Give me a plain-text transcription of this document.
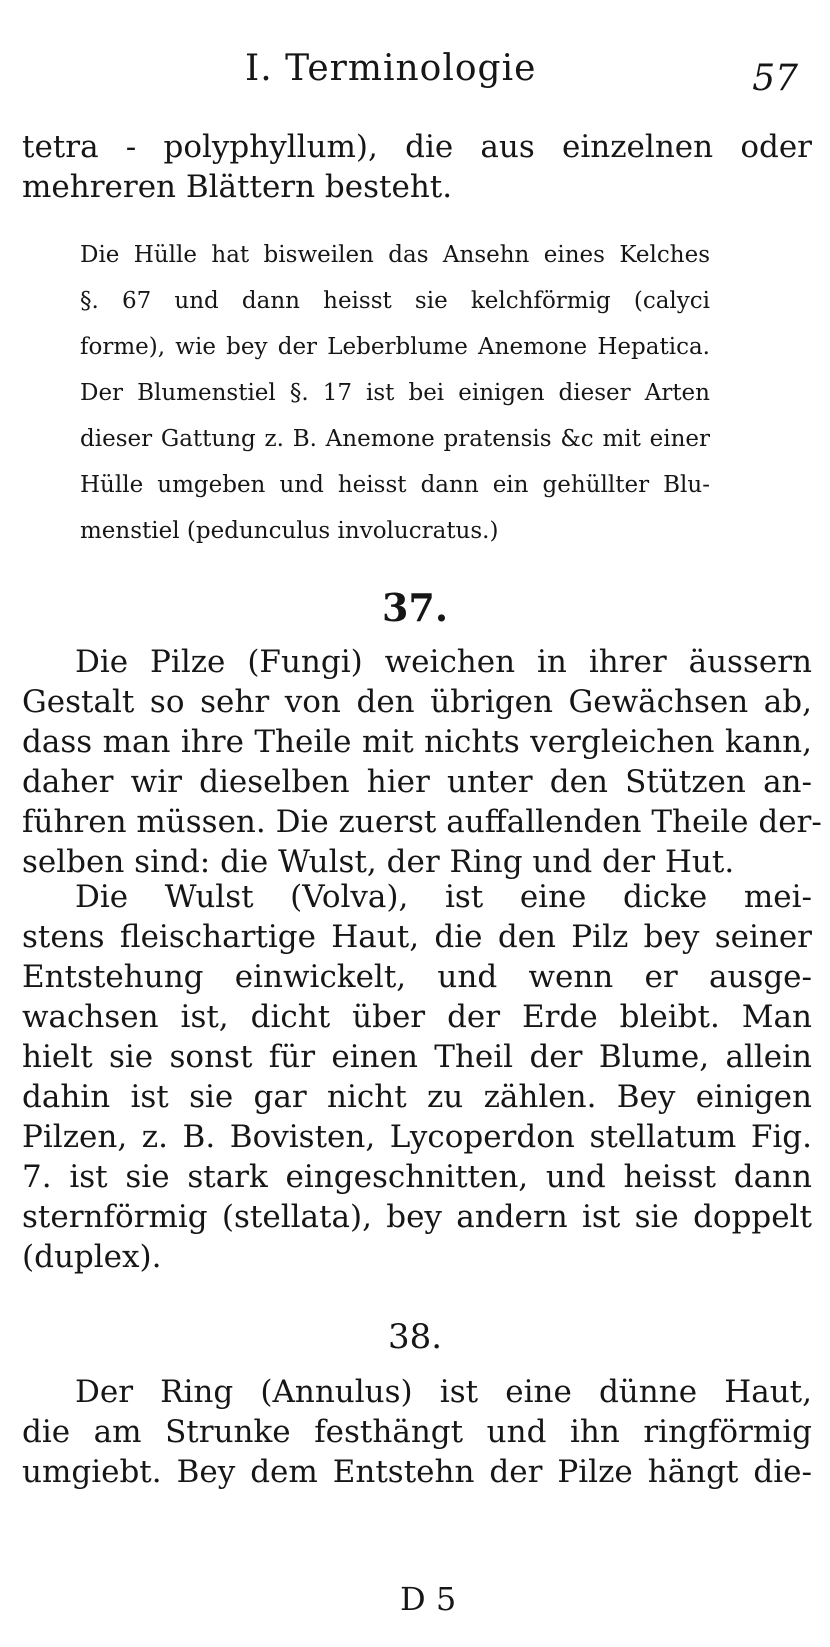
I. Terminologie	57
tetra - polyphyllum), die aus einzelnen oder
mehreren Blättern besteht.
Die Hülle hat bisweilen das Ansehn eines Kelches
§. 67 und dann heisst sie kelchförmig (calyci
forme), wie bey der Leberblume Anemone Hepatica.
Der Blumenstiel §. 17 ist bei einigen dieser Arten
dieser Gattung z. B. Anemone pratensis &c mit einer
Hülle umgeben und heisst dann ein gehüllter Blu-
menstiel (pedunculus involucratus.)
37.
Die Pilze (Fungi) weichen in ihrer äussern
Gestalt so sehr von den übrigen Gewächsen ab,
dass man ihre Theile mit nichts vergleichen kann,
daher wir dieselben hier unter den Stützen an-
führen müssen. Die zuerst auffallenden Theile der-
selben sind: die Wulst, der Ring und der Hut.
Die Wulst (Volva), ist eine dicke mei-
stens fleischartige Haut, die den Pilz bey seiner
Entstehung einwickelt, und wenn er ausge-
wachsen ist, dicht über der Erde bleibt. Man
hielt sie sonst für einen Theil der Blume, allein
dahin ist sie gar nicht zu zählen. Bey einigen
Pilzen, z. B. Bovisten, Lycoperdon stellatum Fig.
7. ist sie stark eingeschnitten, und heisst dann
sternförmig (stellata), bey andern ist sie doppelt
(duplex).
38.
Der Ring (Annulus) ist eine dünne Haut,
die am Strunke festhängt und ihn ringförmig
umgiebt. Bey dem Entstehn der Pilze hängt die-
D 5
